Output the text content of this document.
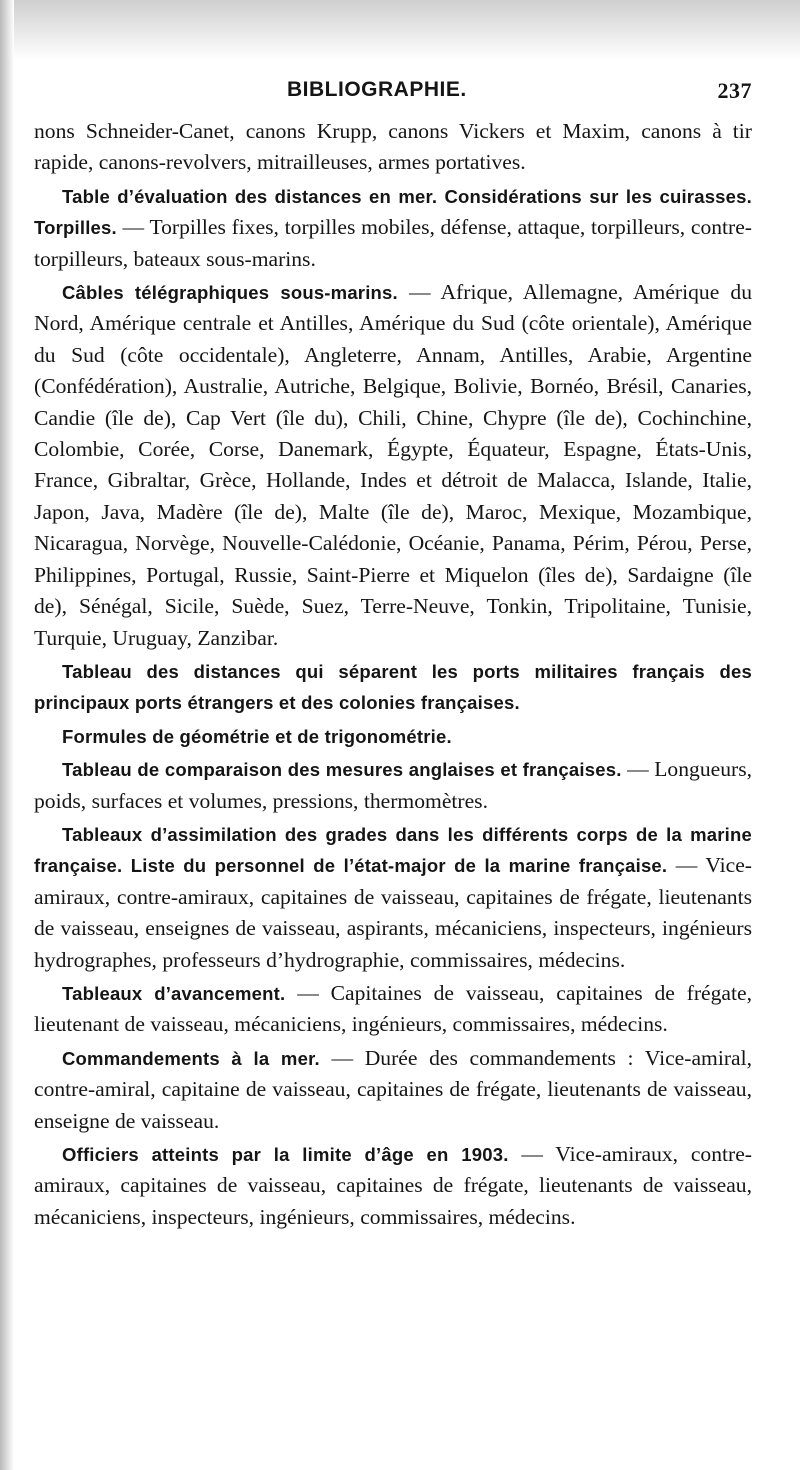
BIBLIOGRAPHIE.	237

nons Schneider-Canet, canons Krupp, canons Vickers et Maxim, canons à tir rapide, canons-revolvers, mitrailleuses, armes portatives.

Table d’évaluation des distances en mer. Considérations sur les cuirasses. Torpilles. — Torpilles fixes, torpilles mobiles, défense, attaque, torpilleurs, contre-torpilleurs, bateaux sous-marins.

Câbles télégraphiques sous-marins. — Afrique, Allemagne, Amérique du Nord, Amérique centrale et Antilles, Amérique du Sud (côte orientale), Amérique du Sud (côte occidentale), Angleterre, Annam, Antilles, Arabie, Argentine (Confédération), Australie, Autriche, Belgique, Bolivie, Bornéo, Brésil, Canaries, Candie (île de), Cap Vert (île du), Chili, Chine, Chypre (île de), Cochinchine, Colombie, Corée, Corse, Danemark, Égypte, Équateur, Espagne, États-Unis, France, Gibraltar, Grèce, Hollande, Indes et détroit de Malacca, Islande, Italie, Japon, Java, Madère (île de), Malte (île de), Maroc, Mexique, Mozambique, Nicaragua, Norvège, Nouvelle-Calédonie, Océanie, Panama, Périm, Pérou, Perse, Philippines, Portugal, Russie, Saint-Pierre et Miquelon (îles de), Sardaigne (île de), Sénégal, Sicile, Suède, Suez, Terre-Neuve, Tonkin, Tripolitaine, Tunisie, Turquie, Uruguay, Zanzibar.

Tableau des distances qui séparent les ports militaires français des principaux ports étrangers et des colonies françaises.

Formules de géométrie et de trigonométrie.

Tableau de comparaison des mesures anglaises et françaises. — Longueurs, poids, surfaces et volumes, pressions, thermomètres.

Tableaux d’assimilation des grades dans les différents corps de la marine française. Liste du personnel de l’état-major de la marine française. — Vice-amiraux, contre-amiraux, capitaines de vaisseau, capitaines de frégate, lieutenants de vaisseau, enseignes de vaisseau, aspirants, mécaniciens, inspecteurs, ingénieurs hydrographes, professeurs d’hydrographie, commissaires, médecins.

Tableaux d’avancement. — Capitaines de vaisseau, capitaines de frégate, lieutenant de vaisseau, mécaniciens, ingénieurs, commissaires, médecins.

Commandements à la mer. — Durée des commandements : Vice-amiral, contre-amiral, capitaine de vaisseau, capitaines de frégate, lieutenants de vaisseau, enseigne de vaisseau.

Officiers atteints par la limite d’âge en 1903. — Vice-amiraux, contre-amiraux, capitaines de vaisseau, capitaines de frégate, lieutenants de vaisseau, mécaniciens, inspecteurs, ingénieurs, commissaires, médecins.
